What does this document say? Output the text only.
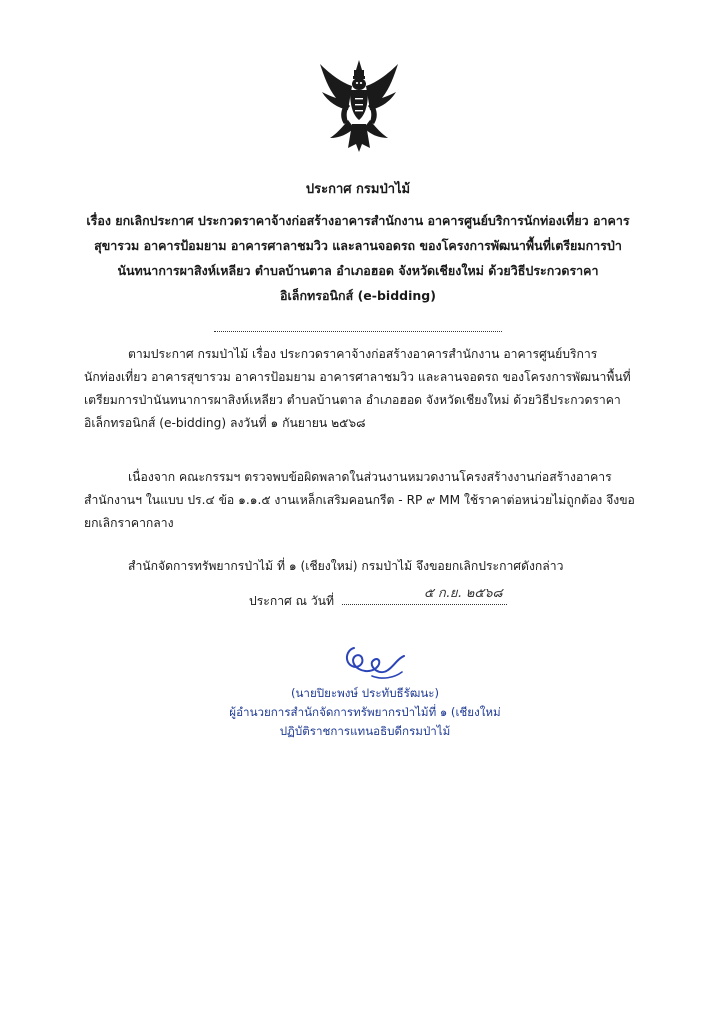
ประกาศ กรมป่าไม้
เรื่อง ยกเลิกประกาศ ประกวดราคาจ้างก่อสร้างอาคารสำนักงาน อาคารศูนย์บริการนักท่องเที่ยว อาคาร
สุขารวม อาคารป้อมยาม อาคารศาลาชมวิว และลานจอดรถ ของโครงการพัฒนาพื้นที่เตรียมการป่า
นันทนาการผาสิงห์เหลียว ตำบลบ้านตาล อำเภอฮอด จังหวัดเชียงใหม่ ด้วยวิธีประกวดราคา
อิเล็กทรอนิกส์ (e-bidding)
ตามประกาศ กรมป่าไม้ เรื่อง ประกวดราคาจ้างก่อสร้างอาคารสำนักงาน อาคารศูนย์บริการ
นักท่องเที่ยว อาคารสุขารวม อาคารป้อมยาม อาคารศาลาชมวิว และลานจอดรถ ของโครงการพัฒนาพื้นที่
เตรียมการป่านันทนาการผาสิงห์เหลียว ตำบลบ้านตาล อำเภอฮอด จังหวัดเชียงใหม่ ด้วยวิธีประกวดราคา
อิเล็กทรอนิกส์ (e-bidding) ลงวันที่ ๑ กันยายน ๒๕๖๘
เนื่องจาก คณะกรรมฯ ตรวจพบข้อผิดพลาดในส่วนงานหมวดงานโครงสร้างงานก่อสร้างอาคาร
สำนักงานฯ ในแบบ ปร.๔ ข้อ ๑.๑.๕ งานเหล็กเสริมคอนกรีต - RP ๙ MM ใช้ราคาต่อหน่วยไม่ถูกต้อง จึงขอ
ยกเลิกราคากลาง
สำนักจัดการทรัพยากรป่าไม้ ที่ ๑ (เชียงใหม่) กรมป่าไม้ จึงขอยกเลิกประกาศดังกล่าว
ประกาศ ณ วันที่	๕ ก.ย. ๒๕๖๘
(นายปิยะพงษ์ ประทับธีรัฒนะ)
ผู้อำนวยการสำนักจัดการทรัพยากรป่าไม้ที่ ๑ (เชียงใหม่
ปฏิบัติราชการแทนอธิบดีกรมป่าไม้
